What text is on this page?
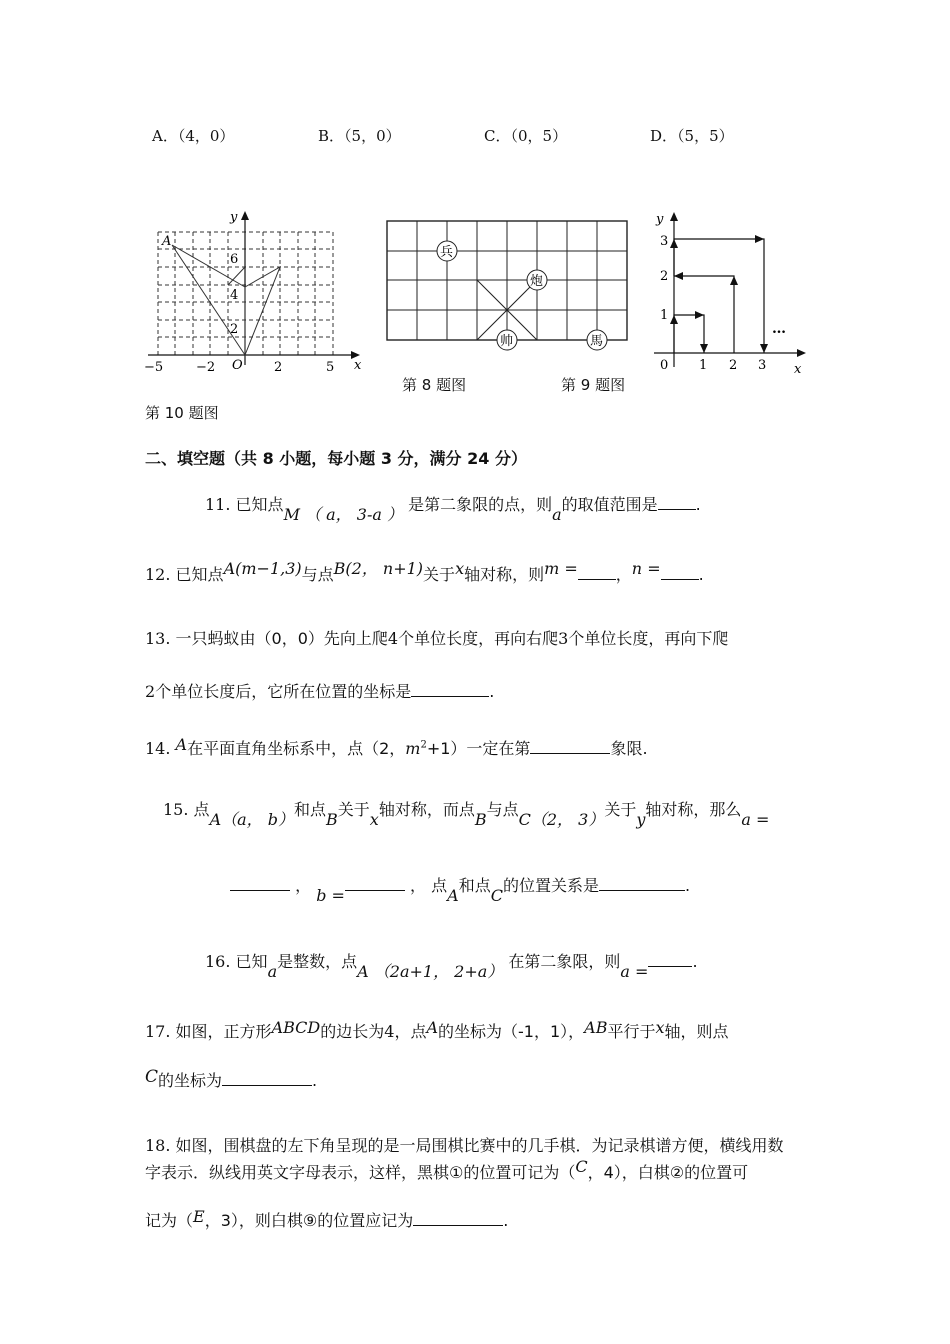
A．（4，0）	B．（5，0）	C．（0，5）	D．（5，5）
A
O	x
y
−5	−2	2	5
6
4
2
兵
炮
帅	馬
0 1 2 3
1
2
3
x
y
…
第 8 题图	第 9 题图
第 10 题图
二、填空题（共 8 小题，每小题 3 分，满分 24 分）
11. 已知点M （ a， 3-a ） 是第二象限的点，则a的取值范围是 .
12. 已知点A(m−1,3)与点B(2， n+1)关于x轴对称，则m = ，n = .
13. 一只蚂蚁由（0，0）先向上爬4个单位长度，再向右爬3个单位长度，再向下爬
2个单位长度后，它所在位置的坐标是	.
14. A在平面直角坐标系中，点（2，$m^2+1$）一定在第	象限.
15. 点A（a， b）和点B关于x轴对称，而点B与点C（2， 3）关于y轴对称，那么a =
， b = ， 点A和点C的位置关系是	.
16. 已知a是整数，点A （2a+1， 2+a） 在第二象限，则a =.
17. 如图，正方形ABCD的边长为4，点A的坐标为（-1，1），AB平行于x轴，则点
C的坐标为	.
18. 如图，围棋盘的左下角呈现的是一局围棋比赛中的几手棋．为记录棋谱方便，横线用数
字表示．纵线用英文字母表示，这样，黑棋①的位置可记为（C，4），白棋②的位置可
记为（E，3），则白棋⑨的位置应记为	.
